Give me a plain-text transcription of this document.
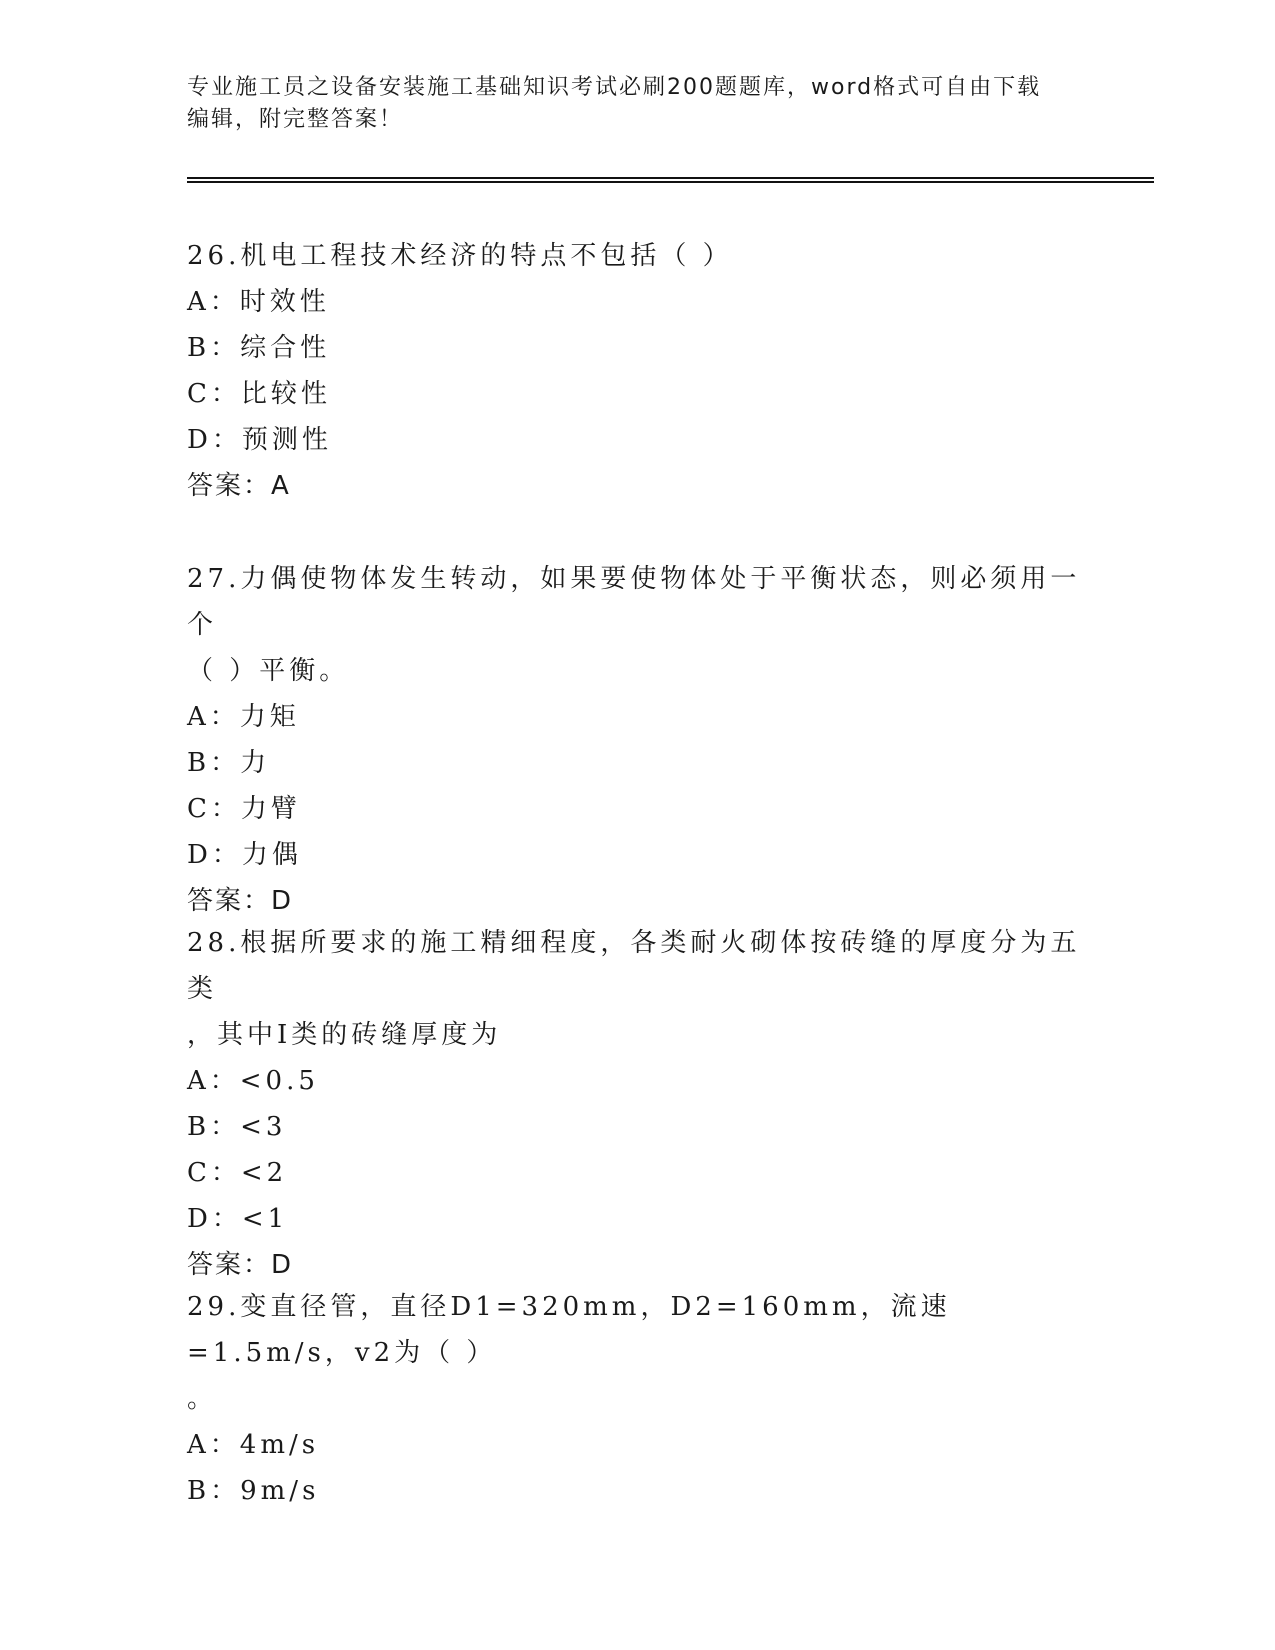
专业施工员之设备安装施工基础知识考试必刷200题题库，word格式可自由下载
编辑，附完整答案！
26.机电工程技术经济的特点不包括（ ）
A：时效性
B：综合性
C：比较性
D：预测性
答案：A
27.力偶使物体发生转动，如果要使物体处于平衡状态，则必须用一个
（ ）平衡。
A：力矩
B：力
C：力臂
D：力偶
答案：D
28.根据所要求的施工精细程度，各类耐火砌体按砖缝的厚度分为五类
，其中Ⅰ类的砖缝厚度为
A：<0.5
B：<3
C：<2
D：<1
答案：D
29.变直径管，直径D1=320mm，D2=160mm，流速=1.5m/s，v2为（ ）
。
A：4m/s
B：9m/s
